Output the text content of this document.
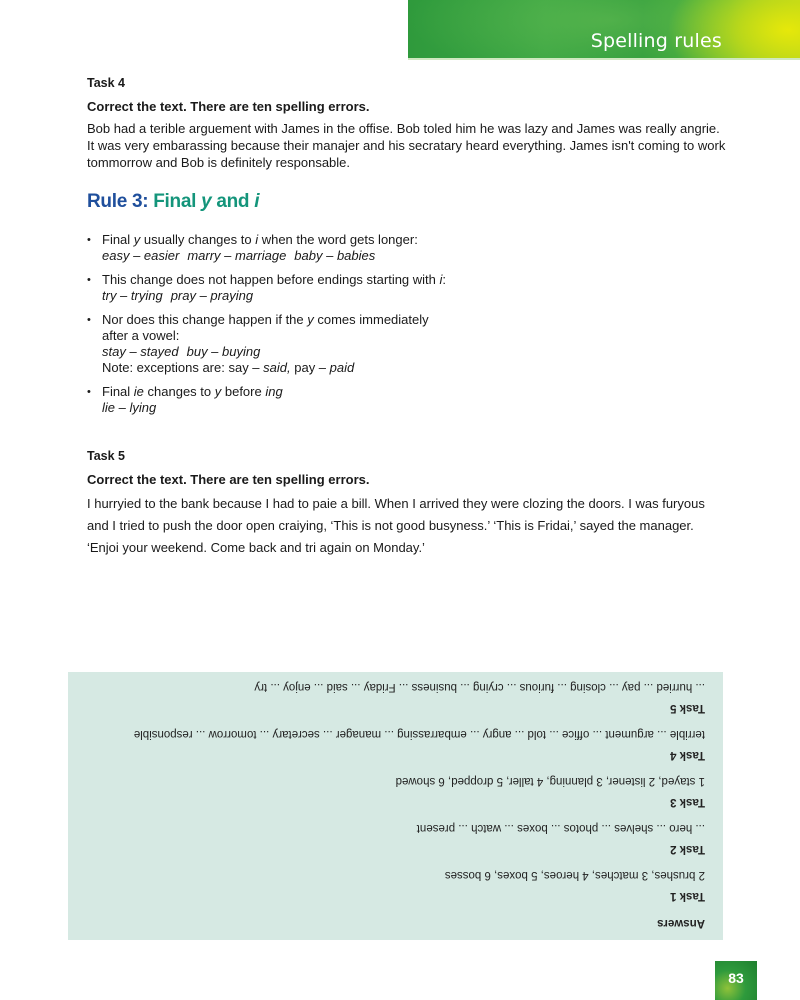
Spelling rules

Task 4

Correct the text. There are ten spelling errors.

Bob had a terible arguement with James in the offise. Bob toled him he was lazy and James was really angrie. It was very embarassing because their manajer and his secratary heard everything. James isn't coming to work tommorrow and Bob is definitely responsable.

Rule 3: Final y and i
• Final y usually changes to i when the word gets longer:
easy – easier marry – marriage baby – babies
• This change does not happen before endings starting with i:
try – trying pray – praying
• Nor does this change happen if the y comes immediately after a vowel:
stay – stayed buy – buying
Note: exceptions are: say – said, pay – paid
• Final ie changes to y before ing
lie – lying

Task 5

Correct the text. There are ten spelling errors.

I hurryied to the bank because I had to paie a bill. When I arrived they were clozing the doors. I was furyous and I tried to push the door open craiying, ‘This is not good busyness.’ ‘This is Fridai,’ sayed the manager. ‘Enjoi your weekend. Come back and tri again on Monday.’

Answers

Task 1

2 brushes, 3 matches, 4 heroes, 5 boxes, 6 bosses

Task 2

... hero ... shelves ... photos ... boxes ... watch ... present

Task 3

1 stayed, 2 listener, 3 planning, 4 taller, 5 dropped, 6 showed

Task 4

terrible ... argument ... office ... told ... angry ... embarrassing ... manager ... secretary ... tomorrow ... responsible

Task 5

... hurried ... pay ... closing ... furious ... crying ... business ... Friday ... said ... enjoy ... try

83
